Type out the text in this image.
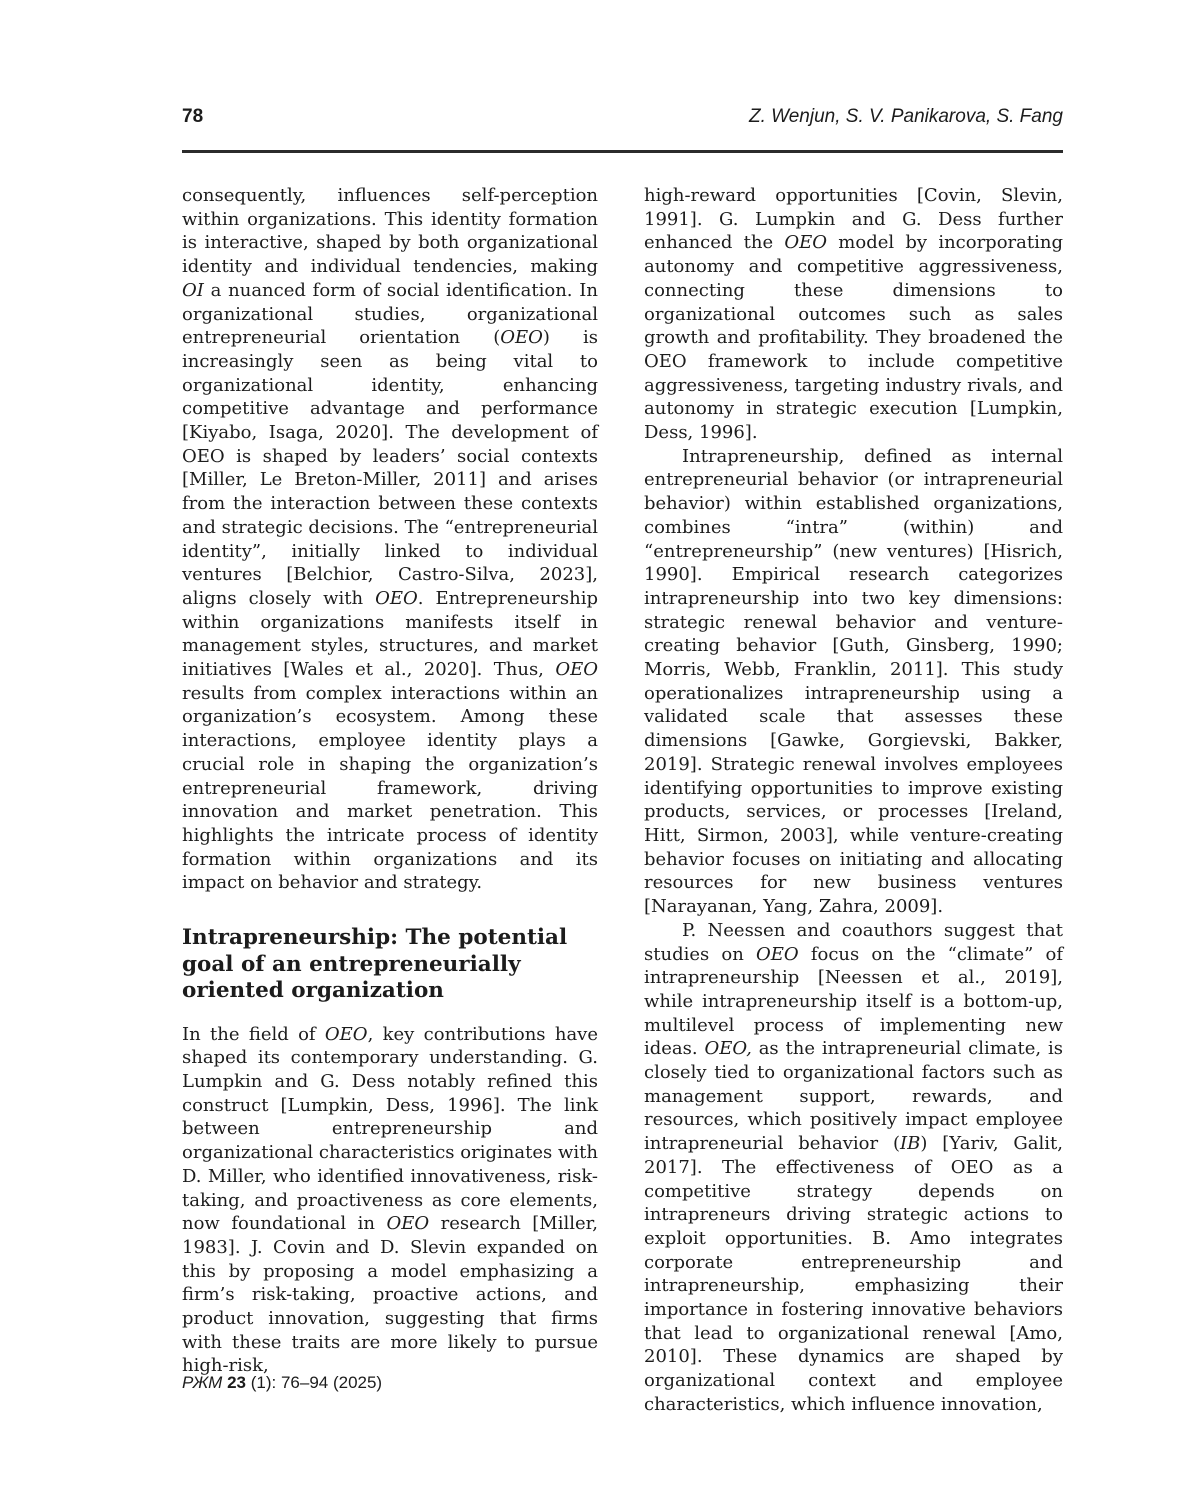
78	Z. Wenjun, S. V. Panikarova, S. Fang

consequently, influences self-perception within organizations. This identity formation is interactive, shaped by both organizational identity and individual tendencies, making OI a nuanced form of social identification. In organizational studies, organizational entrepreneurial orientation (OEO) is increasingly seen as being vital to organizational identity, enhancing competitive advantage and performance [Kiyabo, Isaga, 2020]. The development of OEO is shaped by leaders’ social contexts [Miller, Le Breton-Miller, 2011] and arises from the interaction between these contexts and strategic decisions. The “entrepreneurial identity”, initially linked to individual ventures [Belchior, Castro-Silva, 2023], aligns closely with OEO. Entrepreneurship within organizations manifests itself in management styles, structures, and market initiatives [Wales et al., 2020]. Thus, OEO results from complex interactions within an organization’s ecosystem. Among these interactions, employee identity plays a crucial role in shaping the organization’s entrepreneurial framework, driving innovation and market penetration. This highlights the intricate process of identity formation within organizations and its impact on behavior and strategy.

Intrapreneurship: The potential goal of an entrepreneurially oriented organization

In the field of OEO, key contributions have shaped its contemporary understanding. G. Lumpkin and G. Dess notably refined this construct [Lumpkin, Dess, 1996]. The link between entrepreneurship and organizational characteristics originates with D. Miller, who identified innovativeness, risk-taking, and proactiveness as core elements, now foundational in OEO research [Miller, 1983]. J. Covin and D. Slevin expanded on this by proposing a model emphasizing a firm’s risk-taking, proactive actions, and product innovation, suggesting that firms with these traits are more likely to pursue high-risk,

high-reward opportunities [Covin, Slevin, 1991]. G. Lumpkin and G. Dess further enhanced the OEO model by incorporating autonomy and competitive aggressiveness, connecting these dimensions to organizational outcomes such as sales growth and profitability. They broadened the OEO framework to include competitive aggressiveness, targeting industry rivals, and autonomy in strategic execution [Lumpkin, Dess, 1996].

Intrapreneurship, defined as internal entrepreneurial behavior (or intrapreneurial behavior) within established organizations, combines “intra” (within) and “entrepreneurship” (new ventures) [Hisrich, 1990]. Empirical research categorizes intrapreneurship into two key dimensions: strategic renewal behavior and venture-creating behavior [Guth, Ginsberg, 1990; Morris, Webb, Franklin, 2011]. This study operationalizes intrapreneurship using a validated scale that assesses these dimensions [Gawke, Gorgievski, Bakker, 2019]. Strategic renewal involves employees identifying opportunities to improve existing products, services, or processes [Ireland, Hitt, Sirmon, 2003], while venture-creating behavior focuses on initiating and allocating resources for new business ventures [Narayanan, Yang, Zahra, 2009].

P. Neessen and coauthors suggest that studies on OEO focus on the “climate” of intrapreneurship [Neessen et al., 2019], while intrapreneurship itself is a bottom-up, multilevel process of implementing new ideas. OEO, as the intrapreneurial climate, is closely tied to organizational factors such as management support, rewards, and resources, which positively impact employee intrapreneurial behavior (IB) [Yariv, Galit, 2017]. The effectiveness of OEO as a competitive strategy depends on intrapreneurs driving strategic actions to exploit opportunities. B. Amo integrates corporate entrepreneurship and intrapreneurship, emphasizing their importance in fostering innovative behaviors that lead to organizational renewal [Amo, 2010]. These dynamics are shaped by organizational context and employee characteristics, which influence innovation,

РЖМ 23 (1): 76–94 (2025)
